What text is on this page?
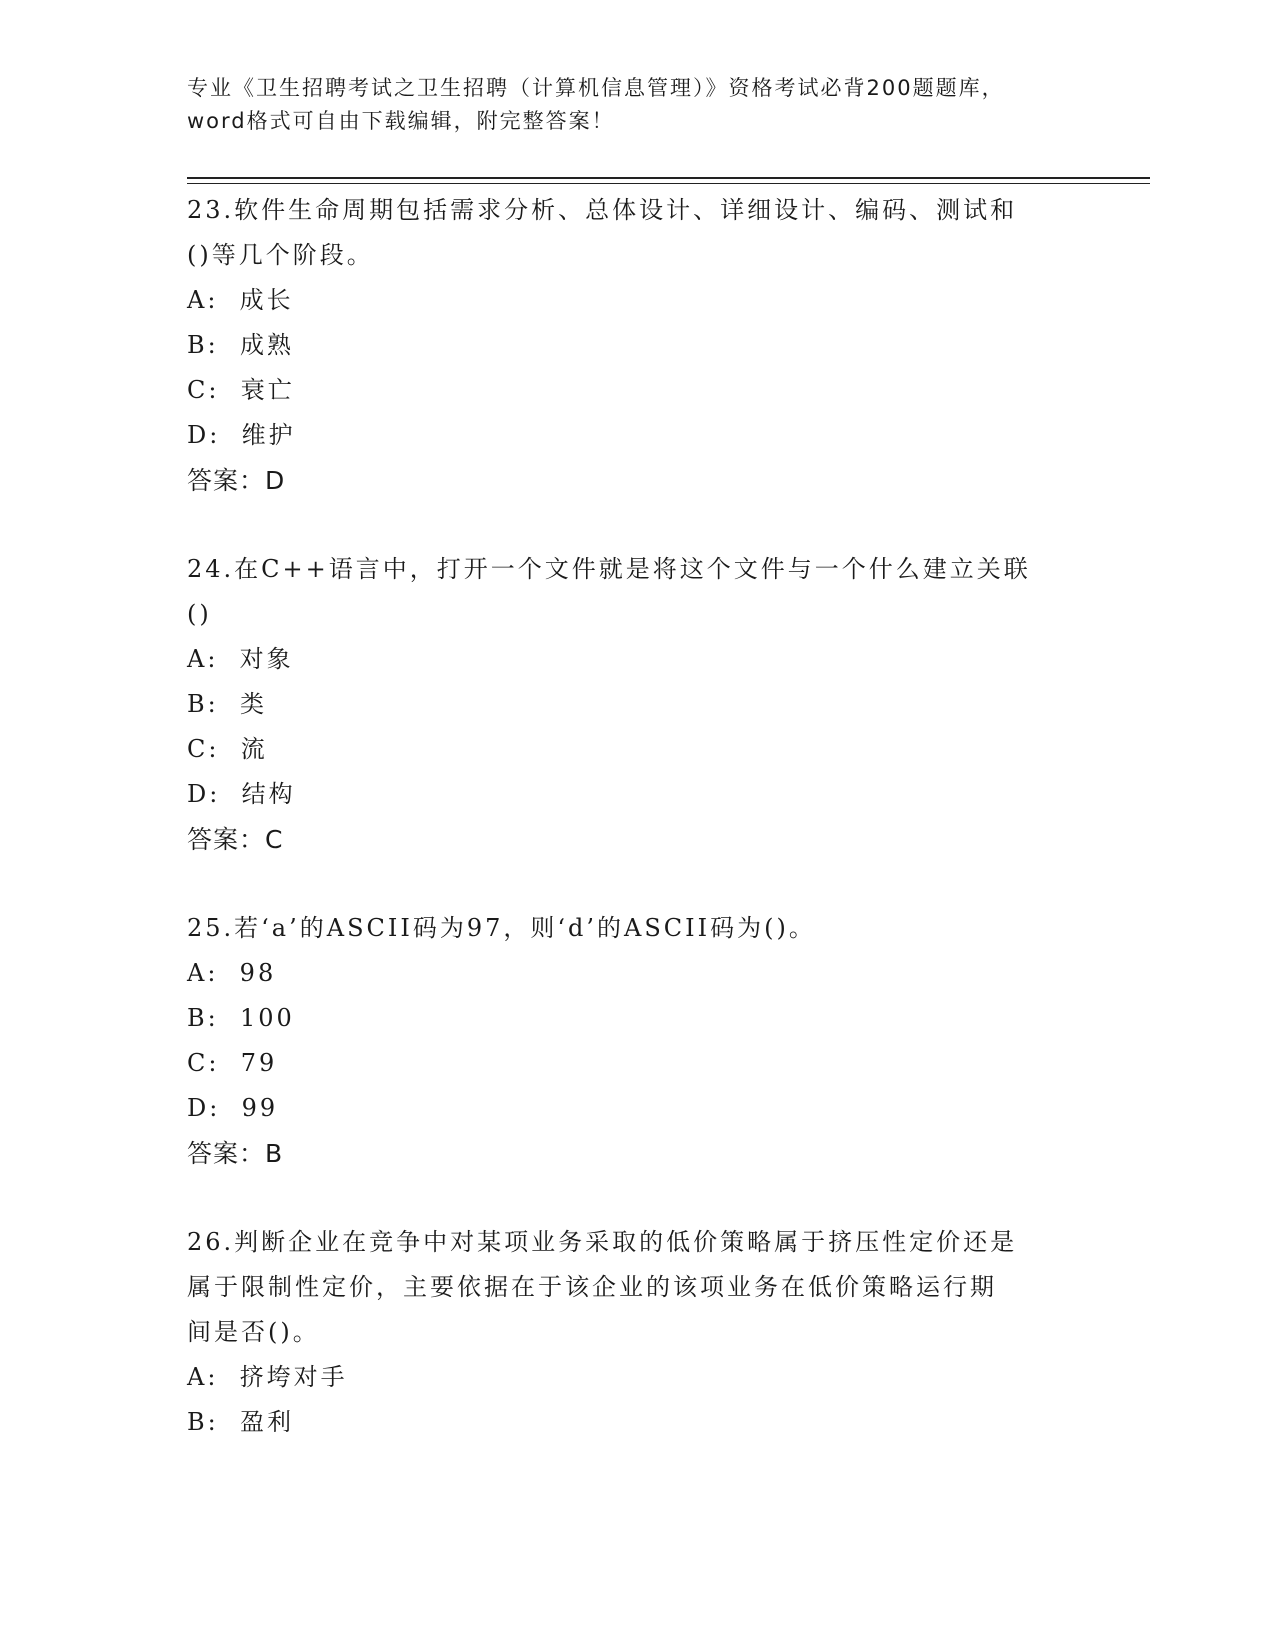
专业《卫生招聘考试之卫生招聘（计算机信息管理）》资格考试必背200题题库，
word格式可自由下载编辑，附完整答案！

23.软件生命周期包括需求分析、总体设计、详细设计、编码、测试和

()等几个阶段。

A:  成长

B:  成熟

C:  衰亡

D:  维护

答案：D

24.在C++语言中，打开一个文件就是将这个文件与一个什么建立关联

()

A:  对象

B:  类

C:  流

D:  结构

答案：C

25.若‘a’的ASCII码为97，则‘d’的ASCII码为()。

A:  98

B:  100

C:  79

D:  99

答案：B

26.判断企业在竞争中对某项业务采取的低价策略属于挤压性定价还是

属于限制性定价，主要依据在于该企业的该项业务在低价策略运行期

间是否()。

A:  挤垮对手

B:  盈利
